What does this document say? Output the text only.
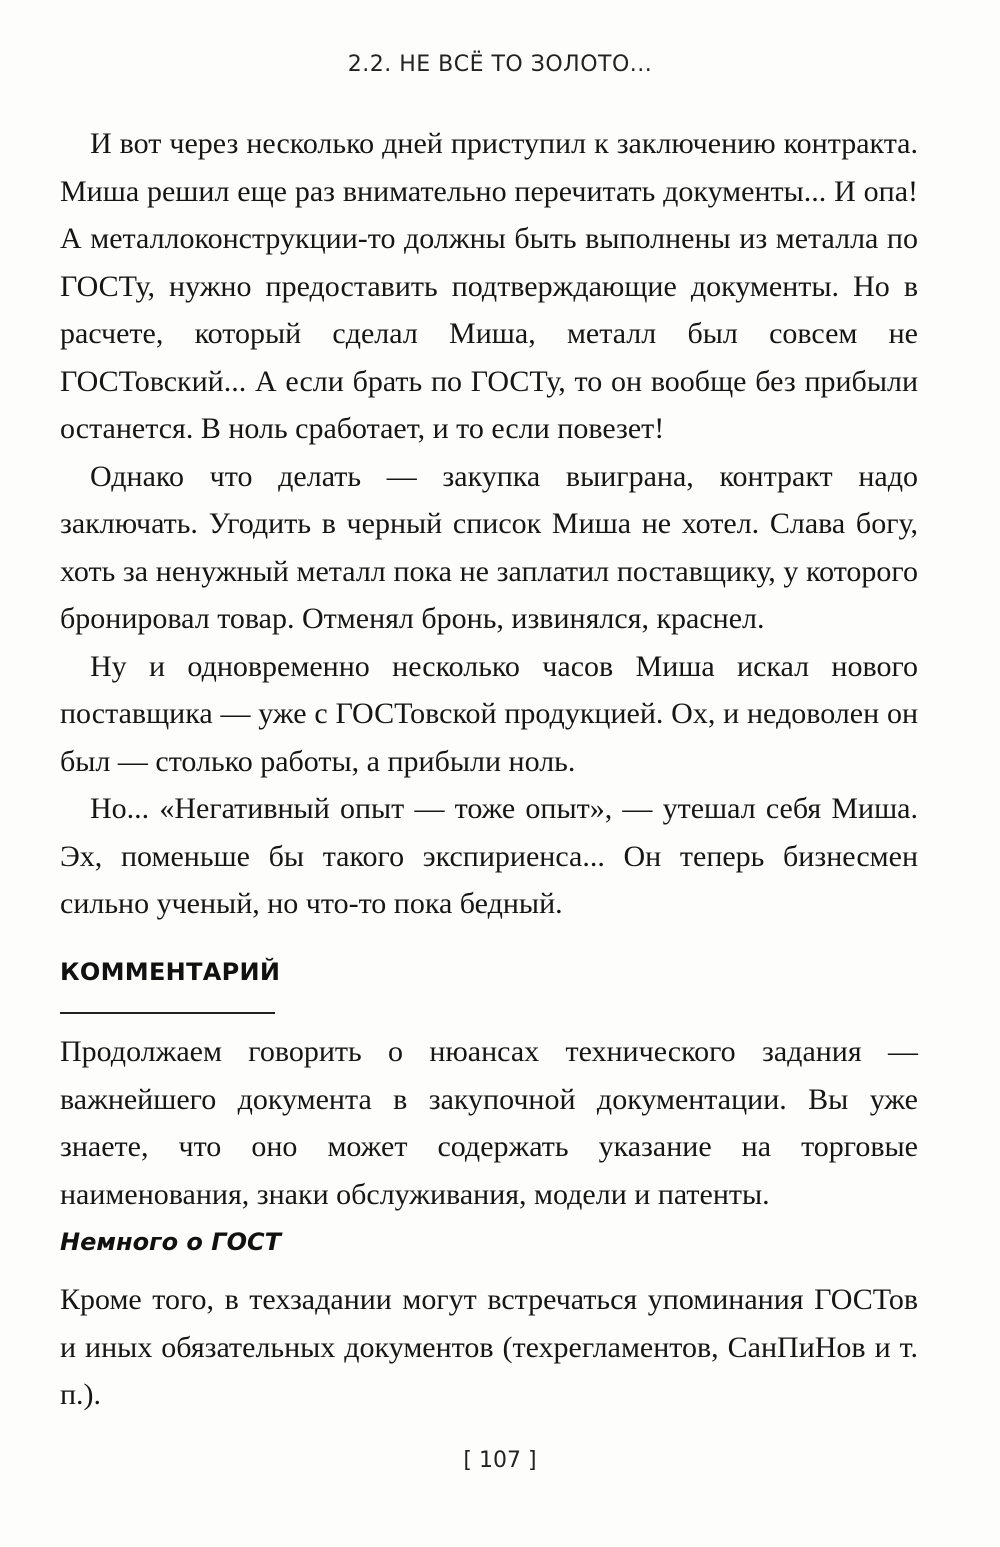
2.2. НЕ ВСЁ ТО ЗОЛОТО...

И вот через несколько дней приступил к заключению контракта. Миша решил еще раз внимательно перечитать документы... И опа! А металлоконструкции-то должны быть выполнены из металла по ГОСТу, нужно предоставить подтверждающие документы. Но в расчете, который сделал Миша, металл был совсем не ГОСТовский... А если брать по ГОСТу, то он вообще без прибыли останется. В ноль сработает, и то если повезет!

Однако что делать — закупка выиграна, контракт надо заключать. Угодить в черный список Миша не хотел. Слава богу, хоть за ненужный металл пока не заплатил поставщику, у которого бронировал товар. Отменял бронь, извинялся, краснел.

Ну и одновременно несколько часов Миша искал нового поставщика — уже с ГОСТовской продукцией. Ох, и недоволен он был — столько работы, а прибыли ноль.

Но... «Негативный опыт — тоже опыт», — утешал себя Миша. Эх, поменьше бы такого экспириенса... Он теперь бизнесмен сильно ученый, но что-то пока бедный.

КОММЕНТАРИЙ

Продолжаем говорить о нюансах технического задания — важнейшего документа в закупочной документации. Вы уже знаете, что оно может содержать указание на торговые наименования, знаки обслуживания, модели и патенты.

Немного о ГОСТ

Кроме того, в техзадании могут встречаться упоминания ГОСТов и иных обязательных документов (техрегламентов, СанПиНов и т. п.).

[ 107 ]
